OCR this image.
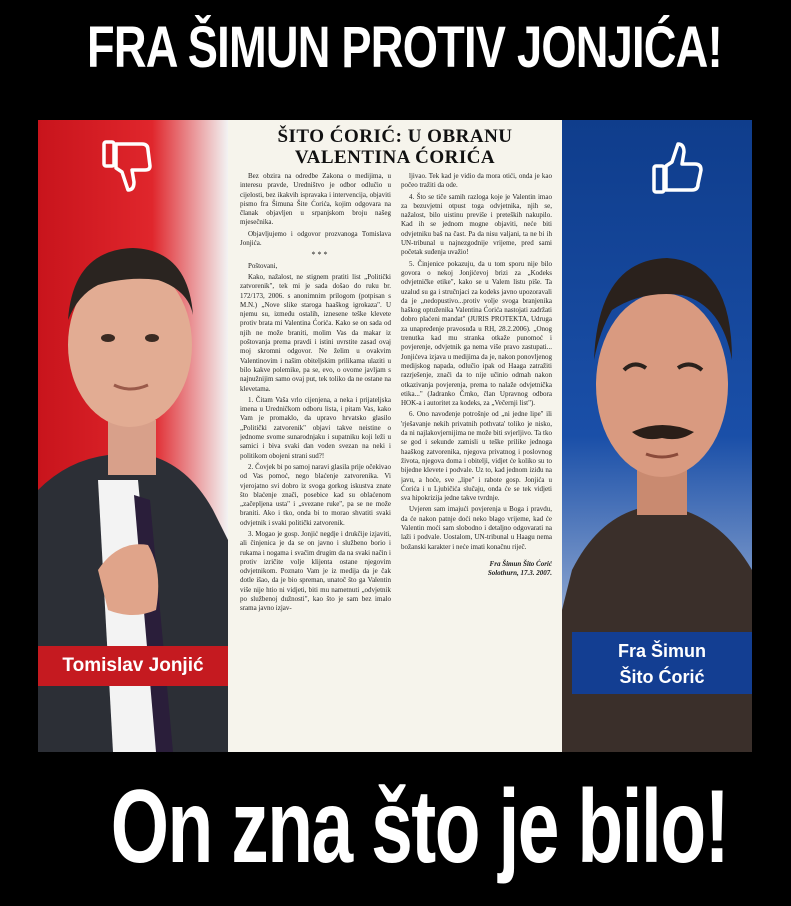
FRA ŠIMUN PROTIV JONJIĆA!
Tomislav Jonjić
ŠITO ĆORIĆ: U OBRANU
VALENTINA ĆORIĆA

Bez obzira na odredbe Zakona o medijima, u interesu pravde, Uredništvo je odbor odlučio u cijelosti, bez ikakvih ispravaka i intervencija, objaviti pismo fra Šimuna Šite Ćorića, kojim odgovara na članak objavljen u srpanjskom broju našeg mjesečnika.

Objavljujemo i odgovor prozvanoga Tomislava Jonjića.

* * *

Poštovani,

Kako, nažalost, ne stignem pratiti list „Politički zatvorenik", tek mi je sada došao do ruku br. 172/173, 2006. s anonimnim prilogom (potpisan s M.N.) „Nove slike staroga haaškog igrokaza". U njemu su, između ostalih, iznesene teške klevete protiv brata mi Valentina Ćorića. Kako se on sada od njih ne može braniti, molim Vas da makar iz poštovanja prema pravdi i istini uvrstite zasad ovaj moj skromni odgovor. Ne želim u ovakvim Valentinovim i našim obiteljskim prilikama ulaziti u bilo kakve polemike, pa se, evo, o ovome javljam s najnužnijim samo ovaj put, tek toliko da ne ostane na klevetama.

1. Čitam Vaša vrlo cijenjena, a neka i prijateljska imena u Uredničkom odboru lista, i pitam Vas, kako Vam je promaklo, da upravo hrvatsko glasilo „Politički zatvorenik" objavi takve neistine o jednome svome sunarodnjaku i supatniku koji leži u samici i biva svaki dan voden svezan na neki i politikom obojeni strani sud?!

2. Čovjek bi po samoj naravi glasila prije očekivao od Vas pomoć, nego blaćenje zatvorenika. Vi vjerojatno svi dobro iz svoga gorkog iskustva znate što blaćenje znači, posebice kad su oblaćenom „začepljena usta" i „svezane ruke", pa se ne može braniti. Ako i tko, onda bi to morao shvatiti svaki odvjetnik i svaki politički zatvorenik.

3. Mogao je gosp. Jonjić negdje i drukčije izjaviti, ali činjenica je da se on javno i službeno borio i rukama i nogama i svačim drugim da na svaki način i protiv izričite volje klijenta ostane njegovim odvjetnikom. Poznato Vam je iz medija da je čak dotle išao, da je bio spreman, unatoč što ga Valentin više nije htio ni vidjeti, biti mu nametnuti „odvjetnik po službenoj dužnosti", kao što je sam bez imalo srama javno izjav-

ljivao. Tek kad je vidio da mora otići, onda je kao počeo tražiti da ode.

4. Što se tiče samih razloga koje je Valentin imao za bezuvjetni otpust toga odvjetnika, njih se, nažalost, bilo uistinu previše i preteških nakupilo. Kad ih se jednom mogne objaviti, neće biti odvjetniku baš na čast. Pa da nisu valjani, ta ne bi ih UN-tribunal u najnezgodnije vrijeme, pred sami početak suđenja uvažio!

5. Činjenice pokazuju, da u tom sporu nije bilo govora o nekoj Jonjićevoj brizi za „Kodeks odvjetničke etike", kako se u Valem listu piše. Ta uzalud su ga i stručnjaci za kodeks javno upozoravali da je „nedopustivo...protiv volje svoga branjenika haškog optuženika Valentina Ćorića nastojati zadržati dobro plaćeni mandat" (JURIS PROTEKTA, Udruga za unapređenje pravosuđa u RH, 28.2.2006). „Onog trenutka kad mu stranka otkaže punomoć i povjerenje, odvjetnik ga nema više pravo zastupati... Jonjićeva izjava u medijima da je, nakon ponovljenog medijskog napada, odlučio ipak od Haaga zatražiti razrješenje, znači da to nije učinio odmah nakon otkazivanja povjerenja, prema to nalaže odvjetnička etika..." (Jadranko Črnko, član Upravnog odbora HOK-a i autoritet za kodeks, za „Večernji list").

6. Ono navođenje potrošnje od „ni jedne lipe" ili 'rješavanje nekih privatnih pothvata' toliko je nisko, da ni najlakovjernijima ne može biti svjerljivo. Ta tko se god i sekunde zamisli u teške prilike jednoga haaškog zatvorenika, njegova privatnog i poslovnog života, njegova doma i obitelji, vidjet će koliko su to bijedne klevete i podvale. Uz to, kad jednom iziđu na javu, a hoće, sve „lipe" i rabote gosp. Jonjića u Ćorića i u Ljubičića slučaju, onda će se tek vidjeti sva hipokrizija jedne takve tvrdnje.

Uvjeren sam imajući povjerenja u Boga i pravdu, da će nakon patnje doći neko blago vrijeme, kad će Valentin moći sam slobodno i detaljno odgovarati na laži i podvale. Uostalom, UN-tribunal u Haagu nema božanski karakter i neće imati konačnu riječ.

Fra Šimun Šito Ćorić
Solothurn, 17.3. 2007.
Fra Šimun
Šito Ćorić
On zna što je bilo!
